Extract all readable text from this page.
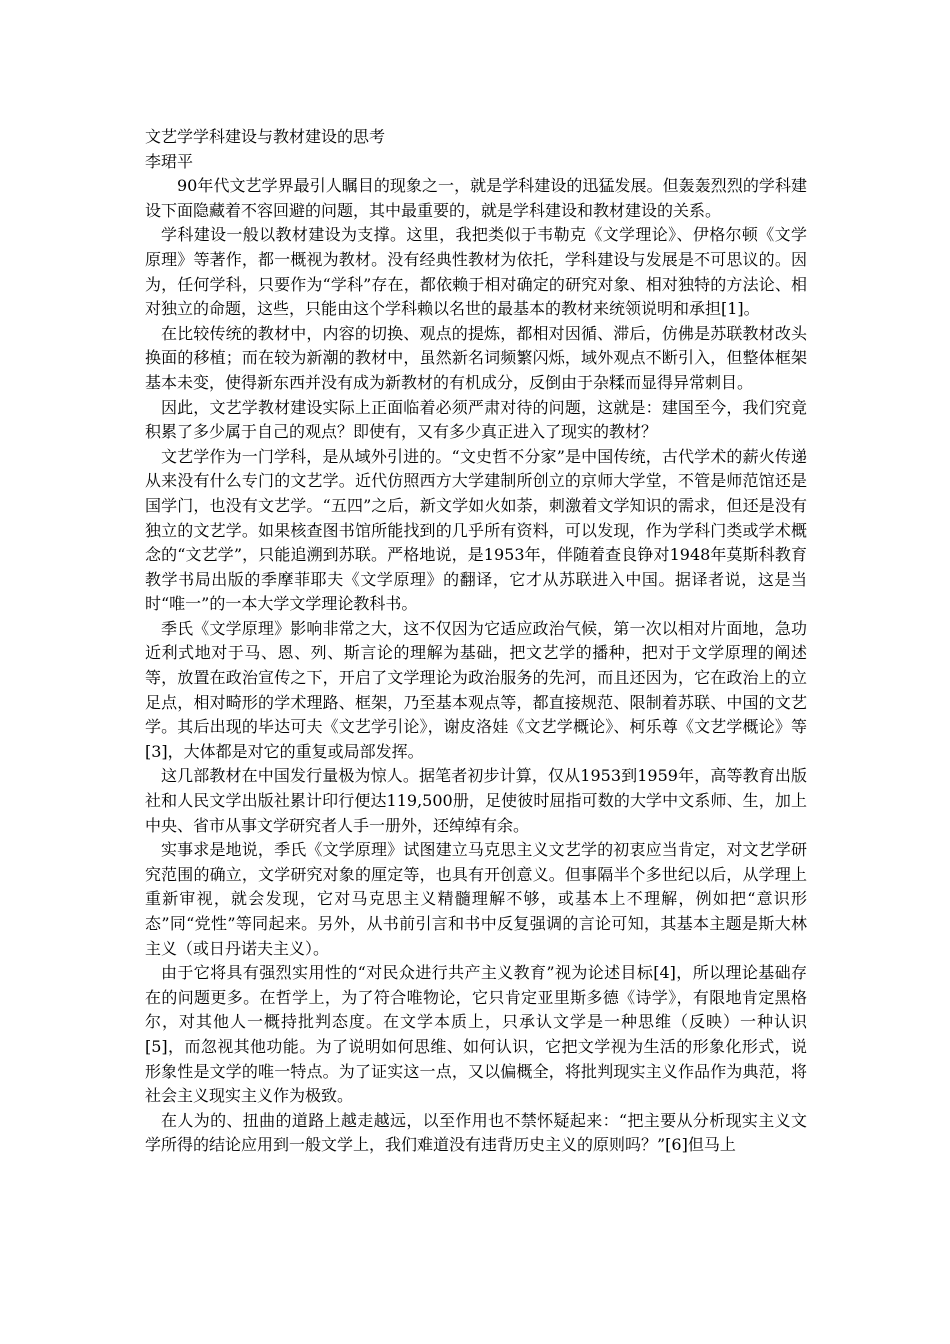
文艺学学科建设与教材建设的思考
李珺平

90年代文艺学界最引人瞩目的现象之一，就是学科建设的迅猛发展。但轰轰烈烈的学科建设下面隐藏着不容回避的问题，其中最重要的，就是学科建设和教材建设的关系。

学科建设一般以教材建设为支撑。这里，我把类似于韦勒克《文学理论》、伊格尔顿《文学原理》等著作，都一概视为教材。没有经典性教材为依托，学科建设与发展是不可思议的。因为，任何学科，只要作为“学科”存在，都依赖于相对确定的研究对象、相对独特的方法论、相对独立的命题，这些，只能由这个学科赖以名世的最基本的教材来统领说明和承担[1]。

在比较传统的教材中，内容的切换、观点的提炼，都相对因循、滞后，仿佛是苏联教材改头换面的移植；而在较为新潮的教材中，虽然新名词频繁闪烁，域外观点不断引入，但整体框架基本未变，使得新东西并没有成为新教材的有机成分，反倒由于杂糅而显得异常刺目。

因此，文艺学教材建设实际上正面临着必须严肃对待的问题，这就是：建国至今，我们究竟积累了多少属于自己的观点？即使有，又有多少真正进入了现实的教材？

文艺学作为一门学科，是从域外引进的。“文史哲不分家”是中国传统，古代学术的薪火传递从来没有什么专门的文艺学。近代仿照西方大学建制所创立的京师大学堂，不管是师范馆还是国学门，也没有文艺学。“五四”之后，新文学如火如荼，刺激着文学知识的需求，但还是没有独立的文艺学。如果核查图书馆所能找到的几乎所有资料，可以发现，作为学科门类或学术概念的“文艺学”，只能追溯到苏联。严格地说，是1953年，伴随着查良铮对1948年莫斯科教育教学书局出版的季摩菲耶夫《文学原理》的翻译，它才从苏联进入中国。据译者说，这是当时“唯一”的一本大学文学理论教科书。

季氏《文学原理》影响非常之大，这不仅因为它适应政治气候，第一次以相对片面地，急功近利式地对于马、恩、列、斯言论的理解为基础，把文艺学的播种，把对于文学原理的阐述等，放置在政治宣传之下，开启了文学理论为政治服务的先河，而且还因为，它在政治上的立足点，相对畸形的学术理路、框架，乃至基本观点等，都直接规范、限制着苏联、中国的文艺学。其后出现的毕达可夫《文艺学引论》，谢皮洛娃《文艺学概论》、柯乐尊《文艺学概论》等[3]，大体都是对它的重复或局部发挥。

这几部教材在中国发行量极为惊人。据笔者初步计算，仅从1953到1959年，高等教育出版社和人民文学出版社累计印行便达119,500册，足使彼时屈指可数的大学中文系师、生，加上中央、省市从事文学研究者人手一册外，还绰绰有余。

实事求是地说，季氏《文学原理》试图建立马克思主义文艺学的初衷应当肯定，对文艺学研究范围的确立，文学研究对象的厘定等，也具有开创意义。但事隔半个多世纪以后，从学理上重新审视，就会发现，它对马克思主义精髓理解不够，或基本上不理解，例如把“意识形态”同“党性”等同起来。另外，从书前引言和书中反复强调的言论可知，其基本主题是斯大林主义（或日丹诺夫主义）。

由于它将具有强烈实用性的“对民众进行共产主义教育”视为论述目标[4]，所以理论基础存在的问题更多。在哲学上，为了符合唯物论，它只肯定亚里斯多德《诗学》，有限地肯定黑格尔，对其他人一概持批判态度。在文学本质上，只承认文学是一种思维（反映）一种认识[5]，而忽视其他功能。为了说明如何思维、如何认识，它把文学视为生活的形象化形式，说形象性是文学的唯一特点。为了证实这一点，又以偏概全，将批判现实主义作品作为典范，将社会主义现实主义作为极致。

在人为的、扭曲的道路上越走越远，以至作用也不禁怀疑起来：“把主要从分析现实主义文学所得的结论应用到一般文学上，我们难道没有违背历史主义的原则吗？”[6]但马上
